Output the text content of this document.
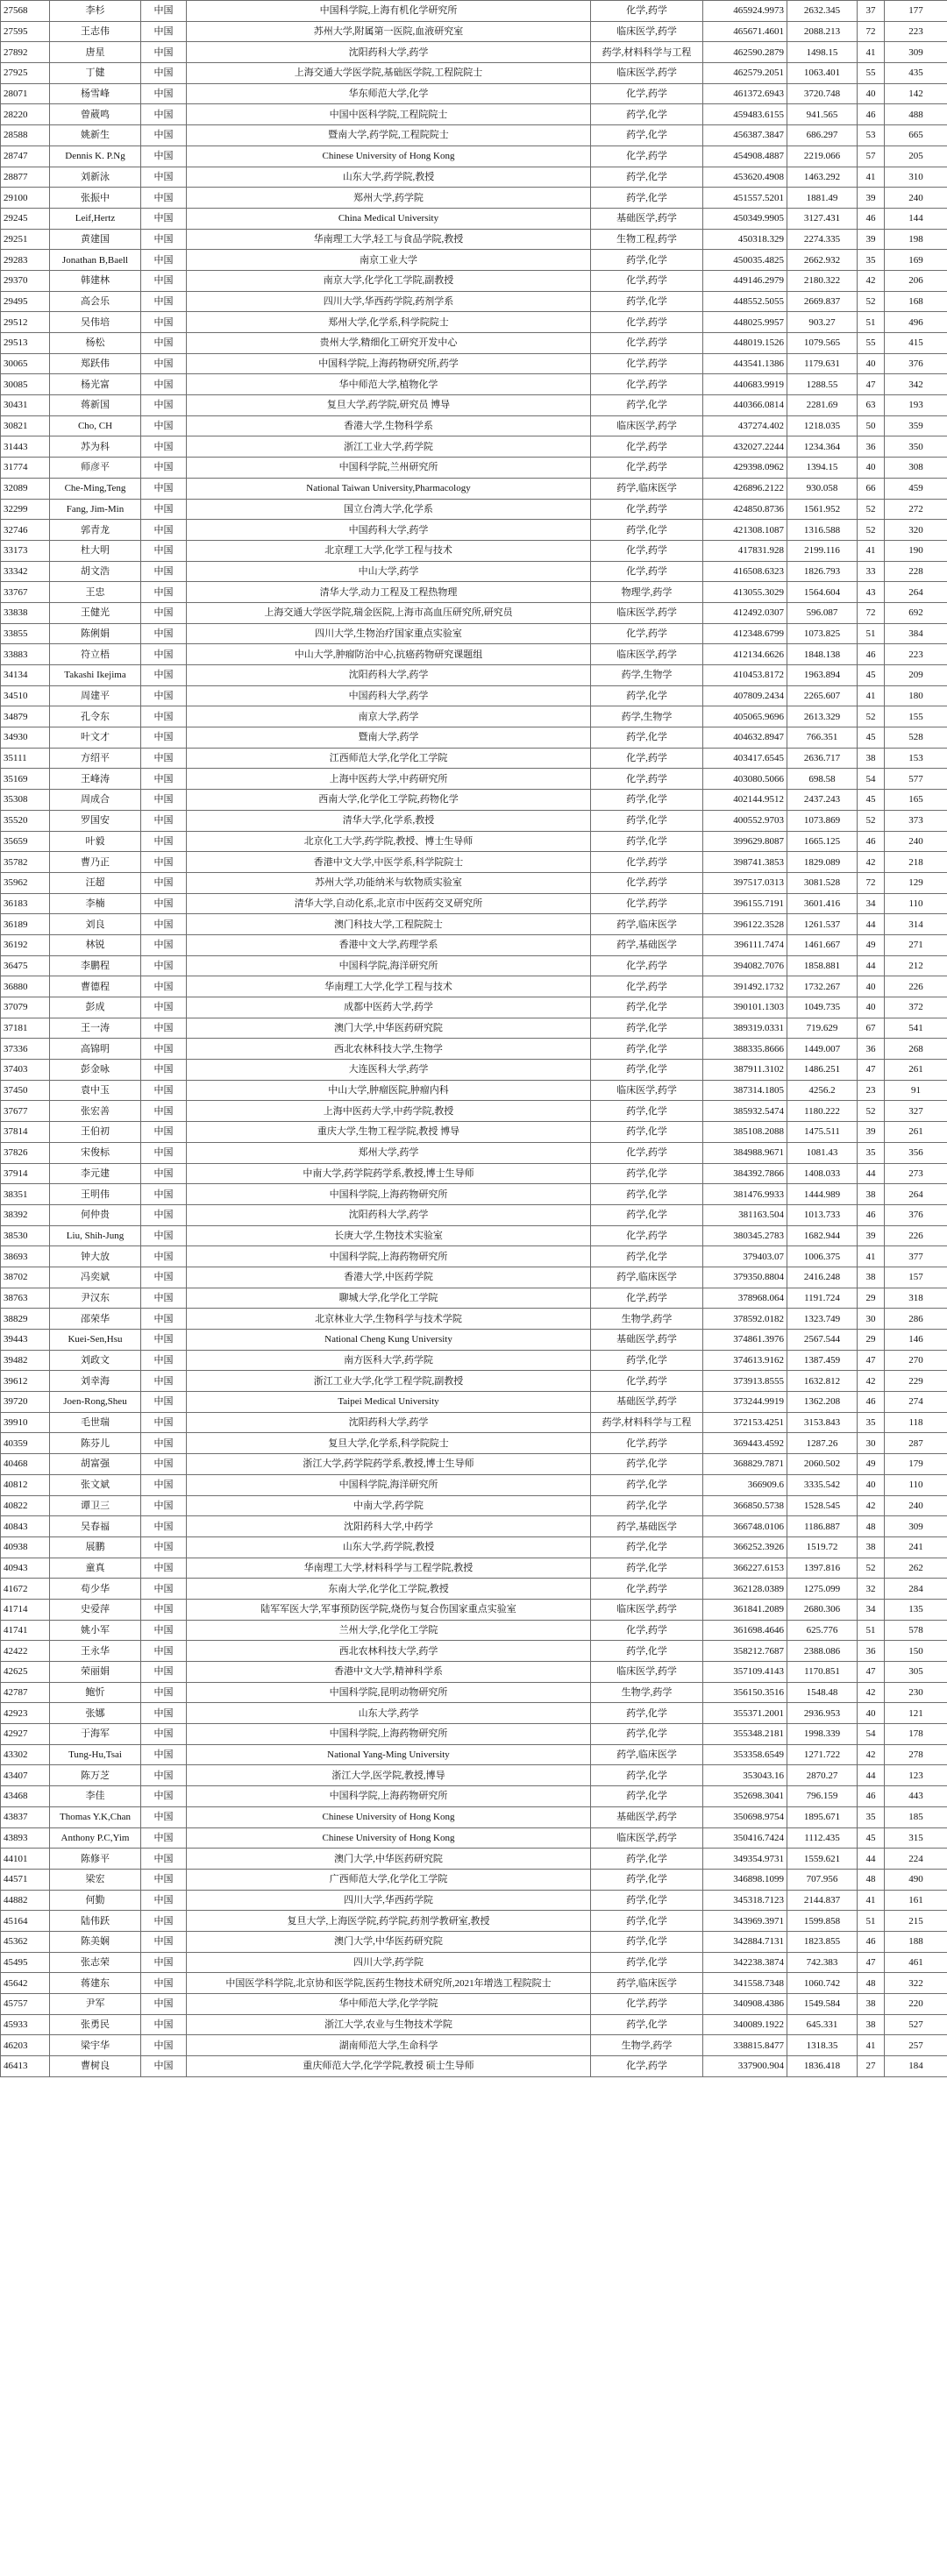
27568	李杉	中国	中国科学院,上海有机化学研究所	化学,药学	465924.9973	2632.345	37	177
27595	王志伟	中国	苏州大学,附属第一医院,血液研究室	临床医学,药学	465671.4601	2088.213	72	223
27892	唐星	中国	沈阳药科大学,药学	药学,材料科学与工程	462590.2879	1498.15	41	309
27925	丁健	中国	上海交通大学医学院,基础医学院,工程院院士	临床医学,药学	462579.2051	1063.401	55	435
28071	杨雪峰	中国	华东师范大学,化学	化学,药学	461372.6943	3720.748	40	142
28220	曾葳鸣	中国	中国中医科学院,工程院院士	药学,化学	459483.6155	941.565	46	488
28588	姚新生	中国	暨南大学,药学院,工程院院士	药学,化学	456387.3847	686.297	53	665
28747	Dennis K. P.Ng	中国	Chinese University of Hong Kong	化学,药学	454908.4887	2219.066	57	205
28877	刘新泳	中国	山东大学,药学院,教授	药学,化学	453620.4908	1463.292	41	310
29100	张振中	中国	郑州大学,药学院	药学,化学	451557.5201	1881.49	39	240
29245	Leif,Hertz	中国	China Medical University	基础医学,药学	450349.9905	3127.431	46	144
29251	黄建国	中国	华南理工大学,轻工与食品学院,教授	生物工程,药学	450318.329	2274.335	39	198
29283	Jonathan B,Baell	中国	南京工业大学	药学,化学	450035.4825	2662.932	35	169
29370	韩建林	中国	南京大学,化学化工学院,副教授	化学,药学	449146.2979	2180.322	42	206
29495	高会乐	中国	四川大学,华西药学院,药剂学系	药学,化学	448552.5055	2669.837	52	168
29512	吴伟培	中国	郑州大学,化学系,科学院院士	化学,药学	448025.9957	903.27	51	496
29513	杨松	中国	贵州大学,精细化工研究开发中心	化学,药学	448019.1526	1079.565	55	415
30065	郑跃伟	中国	中国科学院,上海药物研究所,药学	化学,药学	443541.1386	1179.631	40	376
30085	杨光富	中国	华中师范大学,植物化学	化学,药学	440683.9919	1288.55	47	342
30431	蒋新国	中国	复旦大学,药学院,研究员 博导	药学,化学	440366.0814	2281.69	63	193
30821	Cho, CH	中国	香港大学,生物科学系	临床医学,药学	437274.402	1218.035	50	359
31443	苏为科	中国	浙江工业大学,药学院	化学,药学	432027.2244	1234.364	36	350
31774	师彦平	中国	中国科学院,兰州研究所	化学,药学	429398.0962	1394.15	40	308
32089	Che-Ming,Teng	中国	National Taiwan University,Pharmacology	药学,临床医学	426896.2122	930.058	66	459
32299	Fang, Jim-Min	中国	国立台湾大学,化学系	化学,药学	424850.8736	1561.952	52	272
32746	郭青龙	中国	中国药科大学,药学	药学,化学	421308.1087	1316.588	52	320
33173	杜大明	中国	北京理工大学,化学工程与技术	化学,药学	417831.928	2199.116	41	190
33342	胡文浩	中国	中山大学,药学	化学,药学	416508.6323	1826.793	33	228
33767	王忠	中国	清华大学,动力工程及工程热物理	物理学,药学	413055.3029	1564.604	43	264
33838	王健光	中国	上海交通大学医学院,瑞金医院,上海市高血压研究所,研究员	临床医学,药学	412492.0307	596.087	72	692
33855	陈俐娟	中国	四川大学,生物治疗国家重点实验室	化学,药学	412348.6799	1073.825	51	384
33883	符立梧	中国	中山大学,肿瘤防治中心,抗癌药物研究课题组	临床医学,药学	412134.6626	1848.138	46	223
34134	Takashi Ikejima	中国	沈阳药科大学,药学	药学,生物学	410453.8172	1963.894	45	209
34510	周建平	中国	中国药科大学,药学	药学,化学	407809.2434	2265.607	41	180
34879	孔令东	中国	南京大学,药学	药学,生物学	405065.9696	2613.329	52	155
34930	叶文才	中国	暨南大学,药学	药学,化学	404632.8947	766.351	45	528
35111	方绍平	中国	江西师范大学,化学化工学院	化学,药学	403417.6545	2636.717	38	153
35169	王峰涛	中国	上海中医药大学,中药研究所	化学,药学	403080.5066	698.58	54	577
35308	周成合	中国	西南大学,化学化工学院,药物化学	药学,化学	402144.9512	2437.243	45	165
35520	罗国安	中国	清华大学,化学系,教授	药学,化学	400552.9703	1073.869	52	373
35659	叶毅	中国	北京化工大学,药学院,教授、博士生导师	药学,化学	399629.8087	1665.125	46	240
35782	曹乃正	中国	香港中文大学,中医学系,科学院院士	化学,药学	398741.3853	1829.089	42	218
35962	汪超	中国	苏州大学,功能纳米与软物质实验室	化学,药学	397517.0313	3081.528	72	129
36183	李楠	中国	清华大学,自动化系,北京市中医药交叉研究所	化学,药学	396155.7191	3601.416	34	110
36189	刘良	中国	澳门科技大学,工程院院士	药学,临床医学	396122.3528	1261.537	44	314
36192	林锐	中国	香港中文大学,药理学系	药学,基础医学	396111.7474	1461.667	49	271
36475	李鹏程	中国	中国科学院,海洋研究所	化学,药学	394082.7076	1858.881	44	212
36880	曹德程	中国	华南理工大学,化学工程与技术	化学,药学	391492.1732	1732.267	40	226
37079	彭成	中国	成都中医药大学,药学	药学,化学	390101.1303	1049.735	40	372
37181	王一涛	中国	澳门大学,中华医药研究院	药学,化学	389319.0331	719.629	67	541
37336	高锦明	中国	西北农林科技大学,生物学	药学,化学	388335.8666	1449.007	36	268
37403	彭金咏	中国	大连医科大学,药学	药学,化学	387911.3102	1486.251	47	261
37450	袁中玉	中国	中山大学,肿瘤医院,肿瘤内科	临床医学,药学	387314.1805	4256.2	23	91
37677	张宏善	中国	上海中医药大学,中药学院,教授	药学,化学	385932.5474	1180.222	52	327
37814	王伯初	中国	重庆大学,生物工程学院,教授 博导	药学,化学	385108.2088	1475.511	39	261
37826	宋俊标	中国	郑州大学,药学	化学,药学	384988.9671	1081.43	35	356
37914	李元建	中国	中南大学,药学院药学系,教授,博士生导师	药学,化学	384392.7866	1408.033	44	273
38351	王明伟	中国	中国科学院,上海药物研究所	药学,化学	381476.9933	1444.989	38	264
38392	何仲贵	中国	沈阳药科大学,药学	药学,化学	381163.504	1013.733	46	376
38530	Liu, Shih-Jung	中国	长庚大学,生物技术实验室	化学,药学	380345.2783	1682.944	39	226
38693	钟大放	中国	中国科学院,上海药物研究所	药学,化学	379403.07	1006.375	41	377
38702	冯奕斌	中国	香港大学,中医药学院	药学,临床医学	379350.8804	2416.248	38	157
38763	尹汉东	中国	聊城大学,化学化工学院	化学,药学	378968.064	1191.724	29	318
38829	邵荣华	中国	北京林业大学,生物科学与技术学院	生物学,药学	378592.0182	1323.749	30	286
39443	Kuei-Sen,Hsu	中国	National Cheng Kung University	基础医学,药学	374861.3976	2567.544	29	146
39482	刘政文	中国	南方医科大学,药学院	药学,化学	374613.9162	1387.459	47	270
39612	刘幸海	中国	浙江工业大学,化学工程学院,副教授	化学,药学	373913.8555	1632.812	42	229
39720	Joen-Rong,Sheu	中国	Taipei Medical University	基础医学,药学	373244.9919	1362.208	46	274
39910	毛世瑞	中国	沈阳药科大学,药学	药学,材料科学与工程	372153.4251	3153.843	35	118
40359	陈芬儿	中国	复旦大学,化学系,科学院院士	化学,药学	369443.4592	1287.26	30	287
40468	胡富强	中国	浙江大学,药学院药学系,教授,博士生导师	药学,化学	368829.7871	2060.502	49	179
40812	张文斌	中国	中国科学院,海洋研究所	药学,化学	366909.6	3335.542	40	110
40822	谭卫三	中国	中南大学,药学院	药学,化学	366850.5738	1528.545	42	240
40843	吴春福	中国	沈阳药科大学,中药学	药学,基础医学	366748.0106	1186.887	48	309
40938	展鹏	中国	山东大学,药学院,教授	药学,化学	366252.3926	1519.72	38	241
40943	童真	中国	华南理工大学,材料科学与工程学院,教授	药学,化学	366227.6153	1397.816	52	262
41672	苟少华	中国	东南大学,化学化工学院,教授	化学,药学	362128.0389	1275.099	32	284
41714	史爱萍	中国	陆军军医大学,军事预防医学院,烧伤与复合伤国家重点实验室	临床医学,药学	361841.2089	2680.306	34	135
41741	姚小军	中国	兰州大学,化学化工学院	化学,药学	361698.4646	625.776	51	578
42422	王永华	中国	西北农林科技大学,药学	药学,化学	358212.7687	2388.086	36	150
42625	荣丽娟	中国	香港中文大学,精神科学系	临床医学,药学	357109.4143	1170.851	47	305
42787	鲍忻	中国	中国科学院,昆明动物研究所	生物学,药学	356150.3516	1548.48	42	230
42923	张娜	中国	山东大学,药学	药学,化学	355371.2001	2936.953	40	121
42927	于海军	中国	中国科学院,上海药物研究所	药学,化学	355348.2181	1998.339	54	178
43302	Tung-Hu,Tsai	中国	National Yang-Ming University	药学,临床医学	353358.6549	1271.722	42	278
43407	陈万芝	中国	浙江大学,医学院,教授,博导	药学,化学	353043.16	2870.27	44	123
43468	李佳	中国	中国科学院,上海药物研究所	药学,化学	352698.3041	796.159	46	443
43837	Thomas Y.K,Chan	中国	Chinese University of Hong Kong	基础医学,药学	350698.9754	1895.671	35	185
43893	Anthony P.C,Yim	中国	Chinese University of Hong Kong	临床医学,药学	350416.7424	1112.435	45	315
44101	陈修平	中国	澳门大学,中华医药研究院	药学,化学	349354.9731	1559.621	44	224
44571	梁宏	中国	广西师范大学,化学化工学院	药学,化学	346898.1099	707.956	48	490
44882	何勤	中国	四川大学,华西药学院	药学,化学	345318.7123	2144.837	41	161
45164	陆伟跃	中国	复旦大学,上海医学院,药学院,药剂学教研室,教授	药学,化学	343969.3971	1599.858	51	215
45362	陈美娴	中国	澳门大学,中华医药研究院	药学,化学	342884.7131	1823.855	46	188
45495	张志荣	中国	四川大学,药学院	药学,化学	342238.3874	742.383	47	461
45642	蒋建东	中国	中国医学科学院,北京协和医学院,医药生物技术研究所,2021年增选工程院院士	药学,临床医学	341558.7348	1060.742	48	322
45757	尹军	中国	华中师范大学,化学学院	化学,药学	340908.4386	1549.584	38	220
45933	张勇民	中国	浙江大学,农业与生物技术学院	药学,化学	340089.1922	645.331	38	527
46203	梁宇华	中国	湖南师范大学,生命科学	生物学,药学	338815.8477	1318.35	41	257
46413	曹树良	中国	重庆师范大学,化学学院,教授 硕士生导师	化学,药学	337900.904	1836.418	27	184
